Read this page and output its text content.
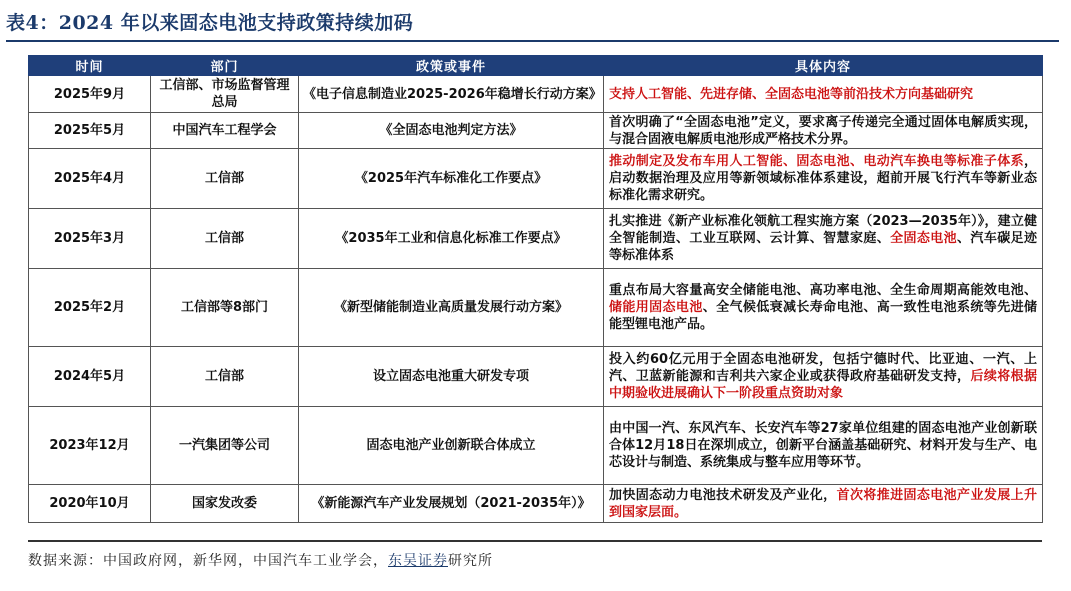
表4：2024 年以来固态电池支持政策持续加码
时间	部门	政策或事件	具体内容
2025年9月	工信部、市场监督管理总局	《电子信息制造业2025-2026年稳增长行动方案》	支持人工智能、先进存储、全固态电池等前沿技术方向基础研究
2025年5月	中国汽车工程学会	《全固态电池判定方法》	首次明确了“全固态电池”定义，要求离子传递完全通过固体电解质实现，与混合固液电解质电池形成严格技术分界。
2025年4月	工信部	《2025年汽车标准化工作要点》	推动制定及发布车用人工智能、固态电池、电动汽车换电等标准子体系，启动数据治理及应用等新领域标准体系建设，超前开展飞行汽车等新业态标准化需求研究。
2025年3月	工信部	《2035年工业和信息化标准工作要点》	扎实推进《新产业标准化领航工程实施方案（2023—2035年）》，建立健全智能制造、工业互联网、云计算、智慧家庭、全固态电池、汽车碳足迹等标准体系
2025年2月	工信部等8部门	《新型储能制造业高质量发展行动方案》	重点布局大容量高安全储能电池、高功率电池、全生命周期高能效电池、储能用固态电池、全气候低衰减长寿命电池、高一致性电池系统等先进储能型锂电池产品。
2024年5月	工信部	设立固态电池重大研发专项	投入约60亿元用于全固态电池研发，包括宁德时代、比亚迪、一汽、上汽、卫蓝新能源和吉利共六家企业或获得政府基础研发支持，后续将根据中期验收进展确认下一阶段重点资助对象
2023年12月	一汽集团等公司	固态电池产业创新联合体成立	由中国一汽、东风汽车、长安汽车等27家单位组建的固态电池产业创新联合体12月18日在深圳成立，创新平台涵盖基础研究、材料开发与生产、电芯设计与制造、系统集成与整车应用等环节。
2020年10月	国家发改委	《新能源汽车产业发展规划（2021-2035年）》	加快固态动力电池技术研发及产业化，首次将推进固态电池产业发展上升到国家层面。
数据来源：中国政府网，新华网，中国汽车工业学会，东吴证券研究所
